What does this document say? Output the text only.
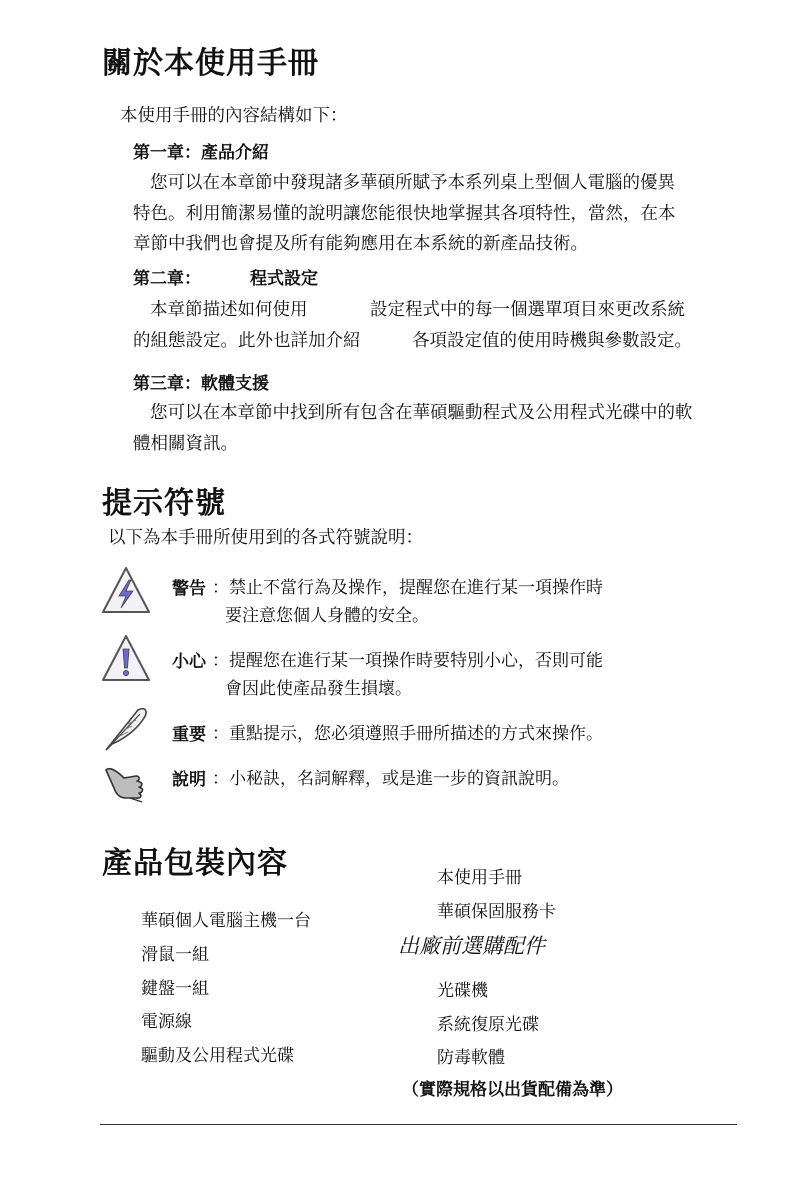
關於本使用手冊
本使用手冊的內容結構如下：
第一章：產品介紹
您可以在本章節中發現諸多華碩所賦予本系列桌上型個人電腦的優異
特色。利用簡潔易懂的說明讓您能很快地掌握其各項特性，當然，在本
章節中我們也會提及所有能夠應用在本系統的新產品技術。
第二章：	程式設定
本章節描述如何使用	設定程式中的每一個選單項目來更改系統
的組態設定。此外也詳加介紹	各項設定值的使用時機與參數設定。
第三章：軟體支援
您可以在本章節中找到所有包含在華碩驅動程式及公用程式光碟中的軟
體相關資訊。
提示符號
以下為本手冊所使用到的各式符號說明：
警告 ：禁止不當行為及操作，提醒您在進行某一項操作時
要注意您個人身體的安全。
小心 ：提醒您在進行某一項操作時要特別小心，否則可能
會因此使產品發生損壞。
重要 ：重點提示，您必須遵照手冊所描述的方式來操作。
說明 ：小秘訣，名詞解釋，或是進一步的資訊說明。
產品包裝內容
華碩個人電腦主機一台
滑鼠一組
鍵盤一組
電源線
驅動及公用程式光碟
本使用手冊
華碩保固服務卡
出廠前選購配件
光碟機
系統復原光碟
防毒軟體
（實際規格以出貨配備為準）
